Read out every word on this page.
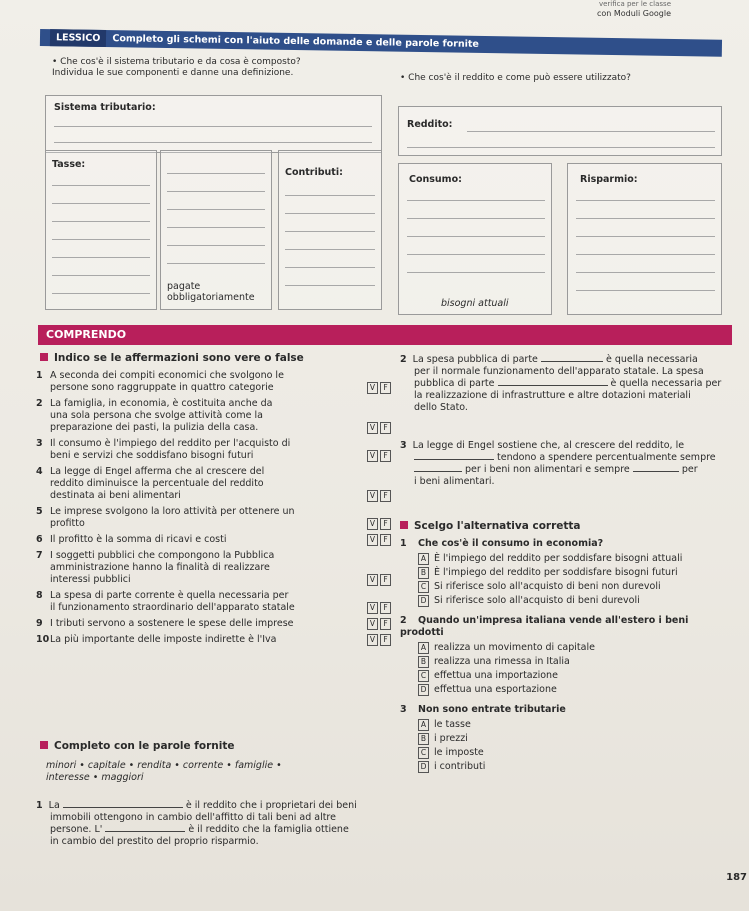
verifica per le classe
con Moduli Google
LESSICO Completo gli schemi con l'aiuto delle domande e delle parole fornite
• Che cos'è il sistema tributario e da cosa è composto?
Individua le sue componenti e danne una definizione.	• Che cos'è il reddito e come può essere utilizzato?
Sistema tributario:
Reddito:
Tasse:
pagate
obbligatoriamente
Contributi:
Consumo:
bisogni attuali
Risparmio:
COMPRENDO
Indico se le affermazioni sono vere o false
1 A seconda dei compiti economici che svolgono le
persone sono raggruppate in quattro categorie	V F
2 La famiglia, in economia, è costituita anche da
una sola persona che svolge attività come la
preparazione dei pasti, la pulizia della casa.	V F
3 Il consumo è l'impiego del reddito per l'acquisto di
beni e servizi che soddisfano bisogni futuri	V F
4 La legge di Engel afferma che al crescere del
reddito diminuisce la percentuale del reddito
destinata ai beni alimentari	V F
5 Le imprese svolgono la loro attività per ottenere un
profitto	V F
6 Il profitto è la somma di ricavi e costi	V F
7 I soggetti pubblici che compongono la Pubblica
amministrazione hanno la finalità di realizzare
interessi pubblici	V F
8 La spesa di parte corrente è quella necessaria per
il funzionamento straordinario dell'apparato statale	V F
9 I tributi servono a sostenere le spese delle imprese	V F
10 La più importante delle imposte indirette è l'Iva	V F
2 La spesa pubblica di parte	è quella necessaria
per il normale funzionamento dell'apparato statale. La spesa
pubblica di parte	è quella necessaria per
la realizzazione di infrastrutture e altre dotazioni materiali
dello Stato.
3 La legge di Engel sostiene che, al crescere del reddito, le
tendono a spendere percentualmente sempre
per i beni non alimentari e sempre	per
i beni alimentari.
Scelgo l'alternativa corretta
1 Che cos'è il consumo in economia?
A È l'impiego del reddito per soddisfare bisogni attuali
B È l'impiego del reddito per soddisfare bisogni futuri
C Si riferisce solo all'acquisto di beni non durevoli
D Si riferisce solo all'acquisto di beni durevoli
2 Quando un'impresa italiana vende all'estero i beni prodotti
A realizza un movimento di capitale
B realizza una rimessa in Italia
C effettua una importazione
D effettua una esportazione
3 Non sono entrate tributarie
A le tasse
B i prezzi
C le imposte
D i contributi
Completo con le parole fornite
minori • capitale • rendita • corrente • famiglie •
interesse • maggiori
1 La	è il reddito che i proprietari dei beni
immobili ottengono in cambio dell'affitto di tali beni ad altre
persone. L'	è il reddito che la famiglia ottiene
in cambio del prestito del proprio risparmio.
187
